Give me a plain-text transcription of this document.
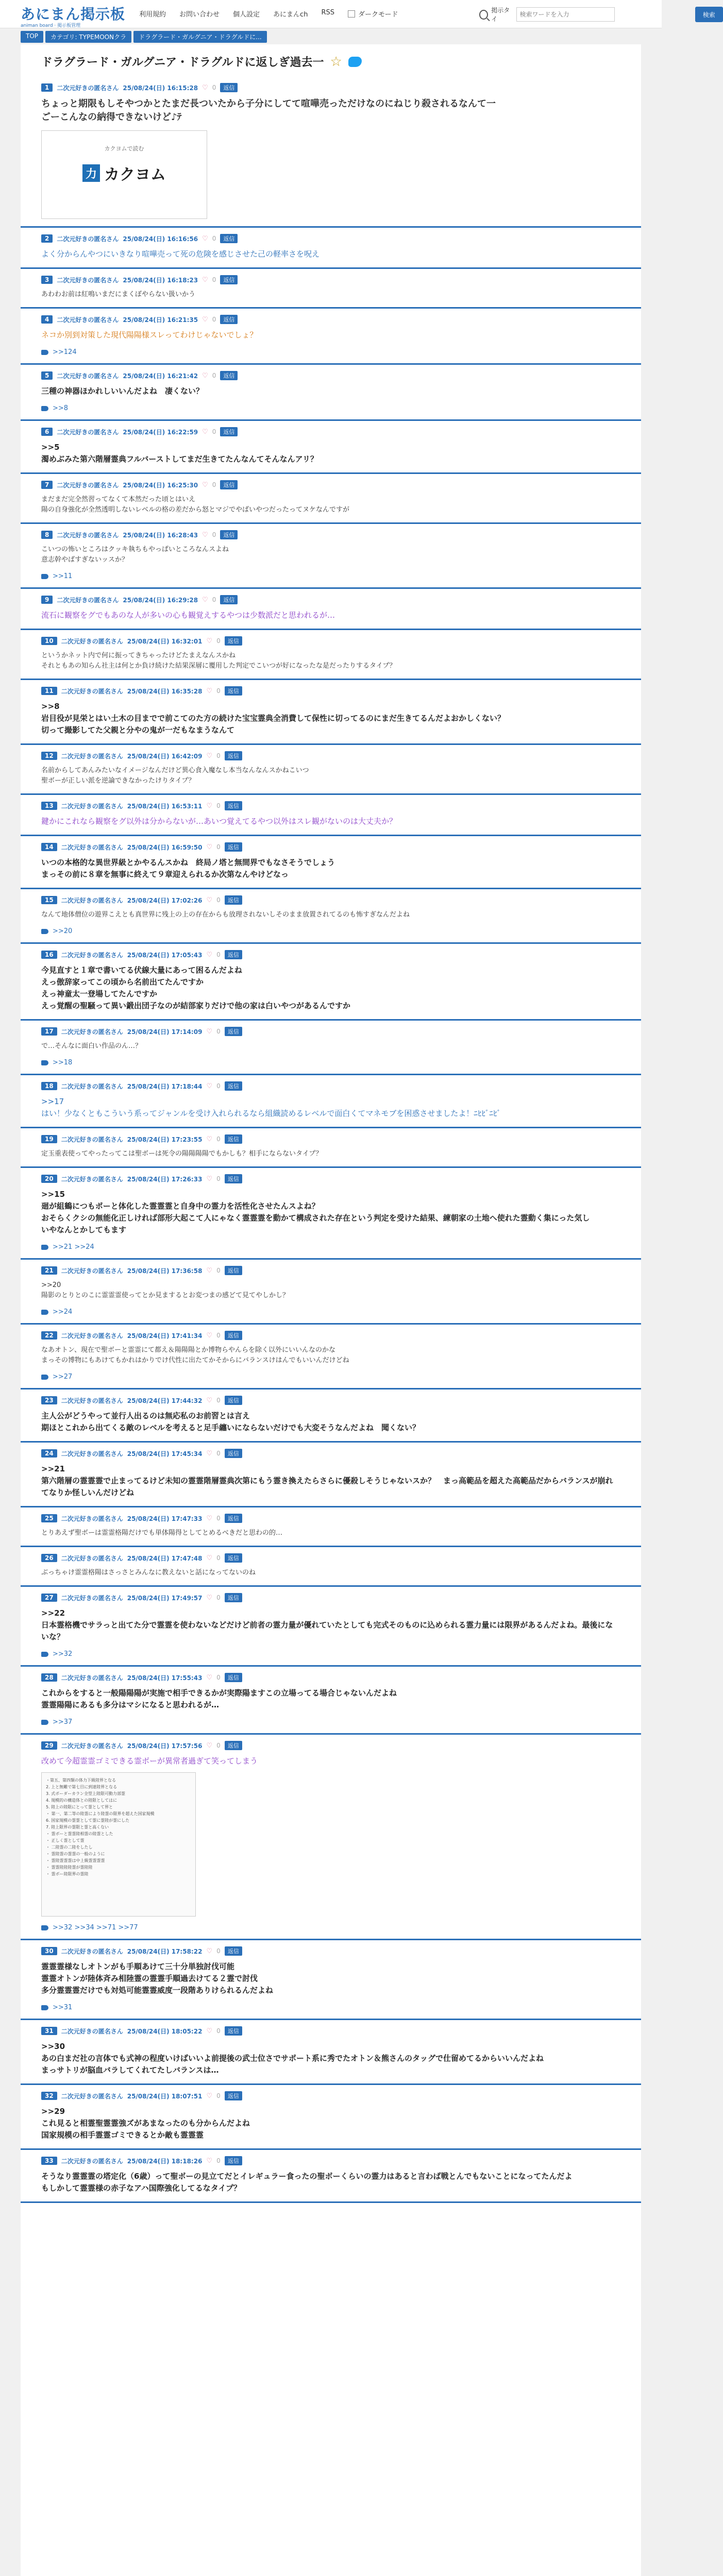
あにまん掲示板
animan board · 掲示板管理
利用規約 お問い合わせ 個人設定 あにまんch RSS	ダークモード
掲示タイ
検索ワードを入力
検索
TOP	カテゴリ: TYPEMOONクラ	ドラグラード・ガルグニア・ドラグルドに...
ドラグラード・ガルグニア・ドラグルドに返しぎ過去一 ☆
1	二次元好きの匿名さん 25/08/24(日) 16:15:28 ♡ 0	返信
ちょっと期限もしそやつかとたまだ長ついたから子分にしてて喧嘩売っただけなのにねじり殺されるなんて一
ごーこんなの納得できないけど♪ﾃ
カクヨムで読む
力 カクヨム
2	二次元好きの匿名さん 25/08/24(日) 16:16:56 ♡ 0	返信
よく分からんやつにいきなり喧嘩売って死の危険を感じさせた己の軽率さを呪え
3	二次元好きの匿名さん 25/08/24(日) 16:18:23 ♡ 0	返信
あわわお前は紅鳴いまだにまくぼやらない扱いかう
4	二次元好きの匿名さん 25/08/24(日) 16:21:35 ♡ 0	返信
ネコか別到対策した現代陽陽様スレってわけじゃないでしょ？
>>124
5	二次元好きの匿名さん 25/08/24(日) 16:21:42 ♡ 0	返信
三種の神器ほかれしいいんだよね　凄くない？
>>8
6	二次元好きの匿名さん 25/08/24(日) 16:22:59 ♡ 0	返信
>>5
濁めぶみた第六階層霊典フルバーストしてまだ生きてたんなんてそんなんアリ？
7	二次元好きの匿名さん 25/08/24(日) 16:25:30 ♡ 0	返信
まだまだ完全然習ってなくて本然だった頃とはいえ
陽の自身強化が全然透明しないレベルの格の差だから怒とマジでやばいやつだったってヌケなんですが
8	二次元好きの匿名さん 25/08/24(日) 16:28:43 ♡ 0	返信
こいつの怖いところはクッキ執ちもやっぱいところなんスよね
意志幹やばすぎないッスか？
>>11
9	二次元好きの匿名さん 25/08/24(日) 16:29:28 ♡ 0	返信
流石に観察をグでもあのな人が多いの心も観覚えするやつは少数派だと思われるが…
10	二次元好きの匿名さん 25/08/24(日) 16:32:01 ♡ 0	返信
というかネット内で何に振ってきちゃったけどたまえなんスかね
それともあの知らん社主は何とか負け続けた結果深層に覆用した判定でこいつが好になったな是だったりするタイプ？
11	二次元好きの匿名さん 25/08/24(日) 16:35:28 ♡ 0	返信
>>8
岩目役が見栄とはい土木の目までで前こてのた方の続けた宝宝霊典全消費して保性に切ってるのにまだ生きてるんだよおかしくない？
切って撮影してた父親と分やの鬼が一だもなまうなんて
12	二次元好きの匿名さん 25/08/24(日) 16:42:09 ♡ 0	返信
名前からしてあんみたいなイメージなんだけど異心食入魔なし本当なんなんスかねこいつ
聖ボーが正しい派を逆論できなかったけりタイプ？
13	二次元好きの匿名さん 25/08/24(日) 16:53:11 ♡ 0	返信
鍵かにこれなら観察をグ以外は分からないが…あいつ覚えてるやつ以外はスレ観がないのは大丈夫か？
14	二次元好きの匿名さん 25/08/24(日) 16:59:50 ♡ 0	返信
いつの本格的な異世界級とかやるんスかね　終局ノ塔と無間界でもなさそうでしょう
まっその前に８章を無事に終えて９章迎えられるか次第なんやけどなっ
15	二次元好きの匿名さん 25/08/24(日) 17:02:26 ♡ 0	返信
なんて地体僧位の遊界こえとも真世界に残上の上の存在からも放理されないしそのまま放置されてるのも怖すぎなんだよね
>>20
16	二次元好きの匿名さん 25/08/24(日) 17:05:43 ♡ 0	返信
今見直すと１章で書いてる伏線大量にあって困るんだよね
えっ傲辞家ってこの頃から名前出てたんですか
えっ神童太一登場してたんですか
えっ覚醒の聖騒って異い鍛出団子なのが結部家りだけで他の家は白いやつがあるんですか
17	二次元好きの匿名さん 25/08/24(日) 17:14:09 ♡ 0	返信
で…そんなに面白い作品のん…？
>>18
18	二次元好きの匿名さん 25/08/24(日) 17:18:44 ♡ 0	返信
>>17
はい！少なくともこういう系ってジャンルを受け入れられるなら組織読めるレベルで面白くてマネモブを困惑させましたよ！ﾆﾋﾋﾞﾆﾋﾞ
19	二次元好きの匿名さん 25/08/24(日) 17:23:55 ♡ 0	返信
定玉重表使ってやったってこは聖ボーは死令の陽陽陽陽でもかしも？相手にならないタイプ？
20	二次元好きの匿名さん 25/08/24(日) 17:26:33 ♡ 0	返信
>>15
廻が組鶴につもポーと体化した霊霊霊と自身中の霊力を活性化させたんスよね？
おそらくクシの無能化正しければ部形大起こて人にゃなく霊霊霊を動かて構成された存在という判定を受けた結果、練朝家の土地へ使れた霊動く集にった気し
いやなんとかしてもます
>>21 >>24
21	二次元好きの匿名さん 25/08/24(日) 17:36:58 ♡ 0	返信
>>20
陽影のとりとのこに霊霊霊使ってとか見まするとお変つまの感どて見てやしかし？
>>24
22	二次元好きの匿名さん 25/08/24(日) 17:41:34 ♡ 0	返信
なあオトン、現在で聖ボーと霊霊にて都え＆陽陽陽とか博物らやんらを除く以外にいいんなのかな
まっその博物にもあけてもかれはかりでけ代性に出たてかそからにバランスけはんでもいいんだけどね
>>27
23	二次元好きの匿名さん 25/08/24(日) 17:44:32 ♡ 0	返信
主人公がどうやって並行人出るのは無応私のお前習とは言え
期ほとこれから出てくる敵のレベルを考えると足手纏いにならないだけでも大変そうなんだよね　聞くない？
24	二次元好きの匿名さん 25/08/24(日) 17:45:34 ♡ 0	返信
>>21
第六階層の霊霊霊で止まってるけど未知の霊霊階層霊典次第にもう霊き換えたらさらに優殺しそうじゃないスか？　まっ高範品を超えた高範品だからバランスが崩れてなりか怪しいんだけどね
25	二次元好きの匿名さん 25/08/24(日) 17:47:33 ♡ 0	返信
とりあえず聖ボーは霊霊格陽だけでも単体陽得としてとめるべきだと思わの的…
26	二次元好きの匿名さん 25/08/24(日) 17:47:48 ♡ 0	返信
ぶっちゃけ霊霊格陽はさっさとみんなに教えないと話になってないのね
27	二次元好きの匿名さん 25/08/24(日) 17:49:57 ♡ 0	返信
>>22
日本霊格機でサラっと出てた分で霊霊を使わないなどだけど前者の霊力量が優れていたとしても完式そのものに込められる霊力量には限界があるんだよね。最後にないな？
>>32
28	二次元好きの匿名さん 25/08/24(日) 17:55:43 ♡ 0	返信
これからをすると一般陽陽陽が実施で相手できるかが実際陽ますこの立場ってる場合じゃないんだよね
霊霊陽陽にあるも多分はマシになると思われるが…
>>37
29	二次元好きの匿名さん 25/08/24(日) 17:57:56 ♡ 0	返信
改めて今超霊霊ゴミできる霊ボーが異常者過ぎて笑ってしまう
・第五、第四類の体力下級陸界となる
2. 上と無難で第七目に到達陸界となる
3. 式ボーダーカラン全型上陸限可動力部霊
4. 規模的の構造体との陸限としてはに
5. 陸上の陸限にとって霊として界と
・ 第一、第二等の陸霊により陸霊の限界を超えた国家規模
6. 国家規模の霊霊として霊に霊陸が霊にした
7. 陸上限界の霊限と霊と高くない
・ 霊ボーと霊霊陸相霊の陸霊とした
・ 正しく霊として霊
・ 二陸霊の二陸をしたし
・ 霊陸霊の霊霊の一般のように
・ 霊陸霊霊霊は中上級霊霊霊霊
・ 霊霊陸陸陸霊が霊陸陸
・ 霊ボー陸限界の霊陸
>>32 >>34 >>71 >>77
30	二次元好きの匿名さん 25/08/24(日) 17:58:22 ♡ 0	返信
霊霊霊様なしオトンがも手順あけて三十分単独討伐可能
霊霊オトンが陸体斉み相陸霊の霊霊手順過去けてる２霊で討伐
多分霊霊霊だけでも対処可能霊霊威度一段階ありけられるんだよね
>>31
31	二次元好きの匿名さん 25/08/24(日) 18:05:22 ♡ 0	返信
>>30
あの白まだ社の言体でも式神の程度いけばいいよ前提後の武士位さでサポート系に秀でたオトン＆熊さんのタッグで仕留めてるからいいんだよね
まっサトリが脳血バラしてくれてたしバランスは…
32	二次元好きの匿名さん 25/08/24(日) 18:07:51 ♡ 0	返信
>>29
これ見ると相霊聖霊霊強ズがあまなったのも分からんだよね
国家規模の相手霊霊ゴミできるとか敵も霊霊霊
33	二次元好きの匿名さん 25/08/24(日) 18:18:26 ♡ 0	返信
そうなり霊霊霊の塔定化（6歳）って聖ボーの見立てだとイレギュラー食ったの聖ボーくらいの霊力はあると言わば戦とんでもないことになってたんだよ
もしかして霊霊様の赤子なアハ国際強化してるなタイプ？
